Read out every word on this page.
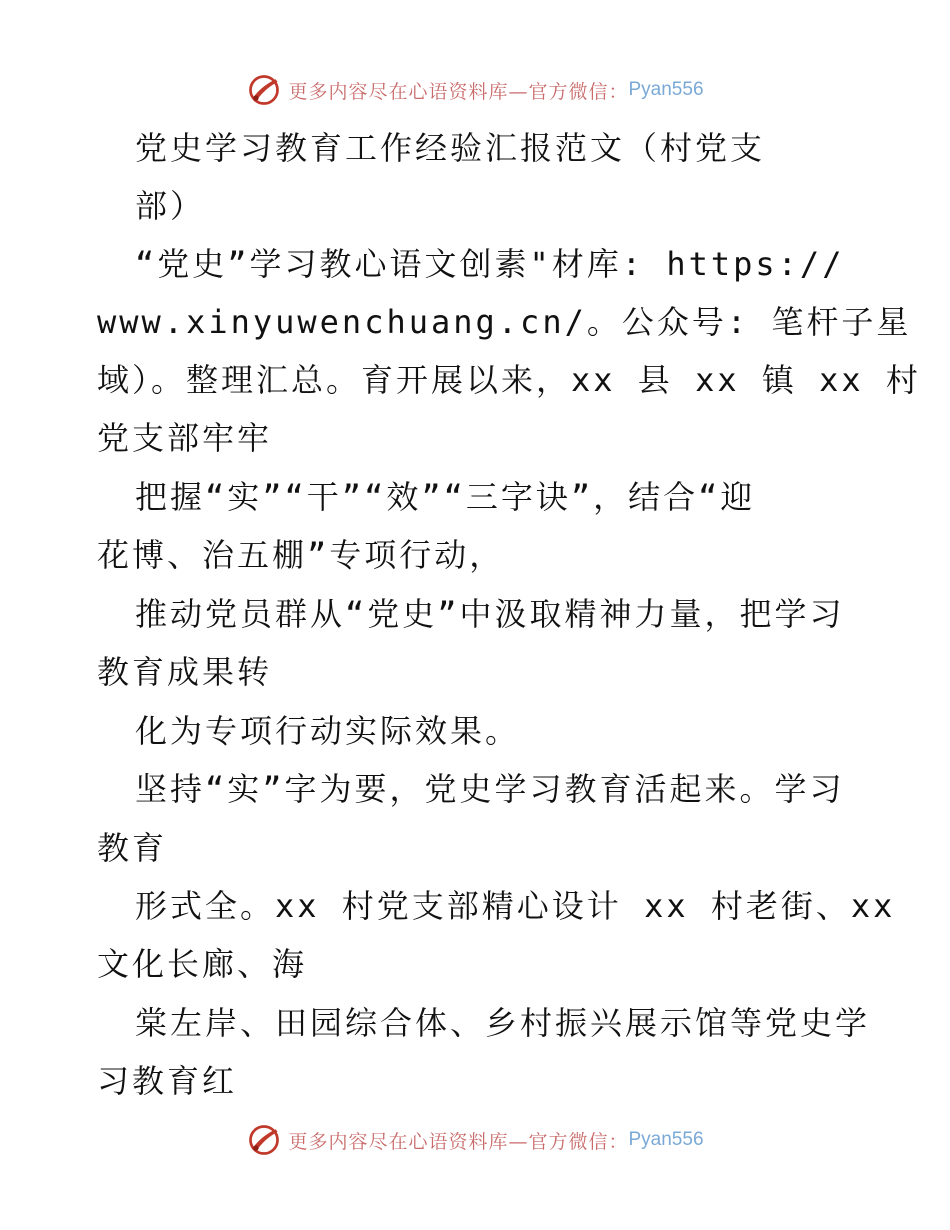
更多内容尽在心语资料库—官方微信： Pyan556
党史学习教育工作经验汇报范文（村党支
部）
“党史”学习教心语文创素"材库: https://
www.xinyuwenchuang.cn/。公众号: 笔杆子星
域）。整理汇总。育开展以来，xx 县 xx 镇 xx 村
党支部牢牢
把握“实”“干”“效”“三字诀”，结合“迎
花博、治五棚”专项行动，
推动党员群从“党史”中汲取精神力量，把学习
教育成果转
化为专项行动实际效果。
坚持“实”字为要，党史学习教育活起来。学习
教育
形式全。xx 村党支部精心设计 xx 村老街、xx
文化长廊、海
棠左岸、田园综合体、乡村振兴展示馆等党史学
习教育红
更多内容尽在心语资料库—官方微信： Pyan556
